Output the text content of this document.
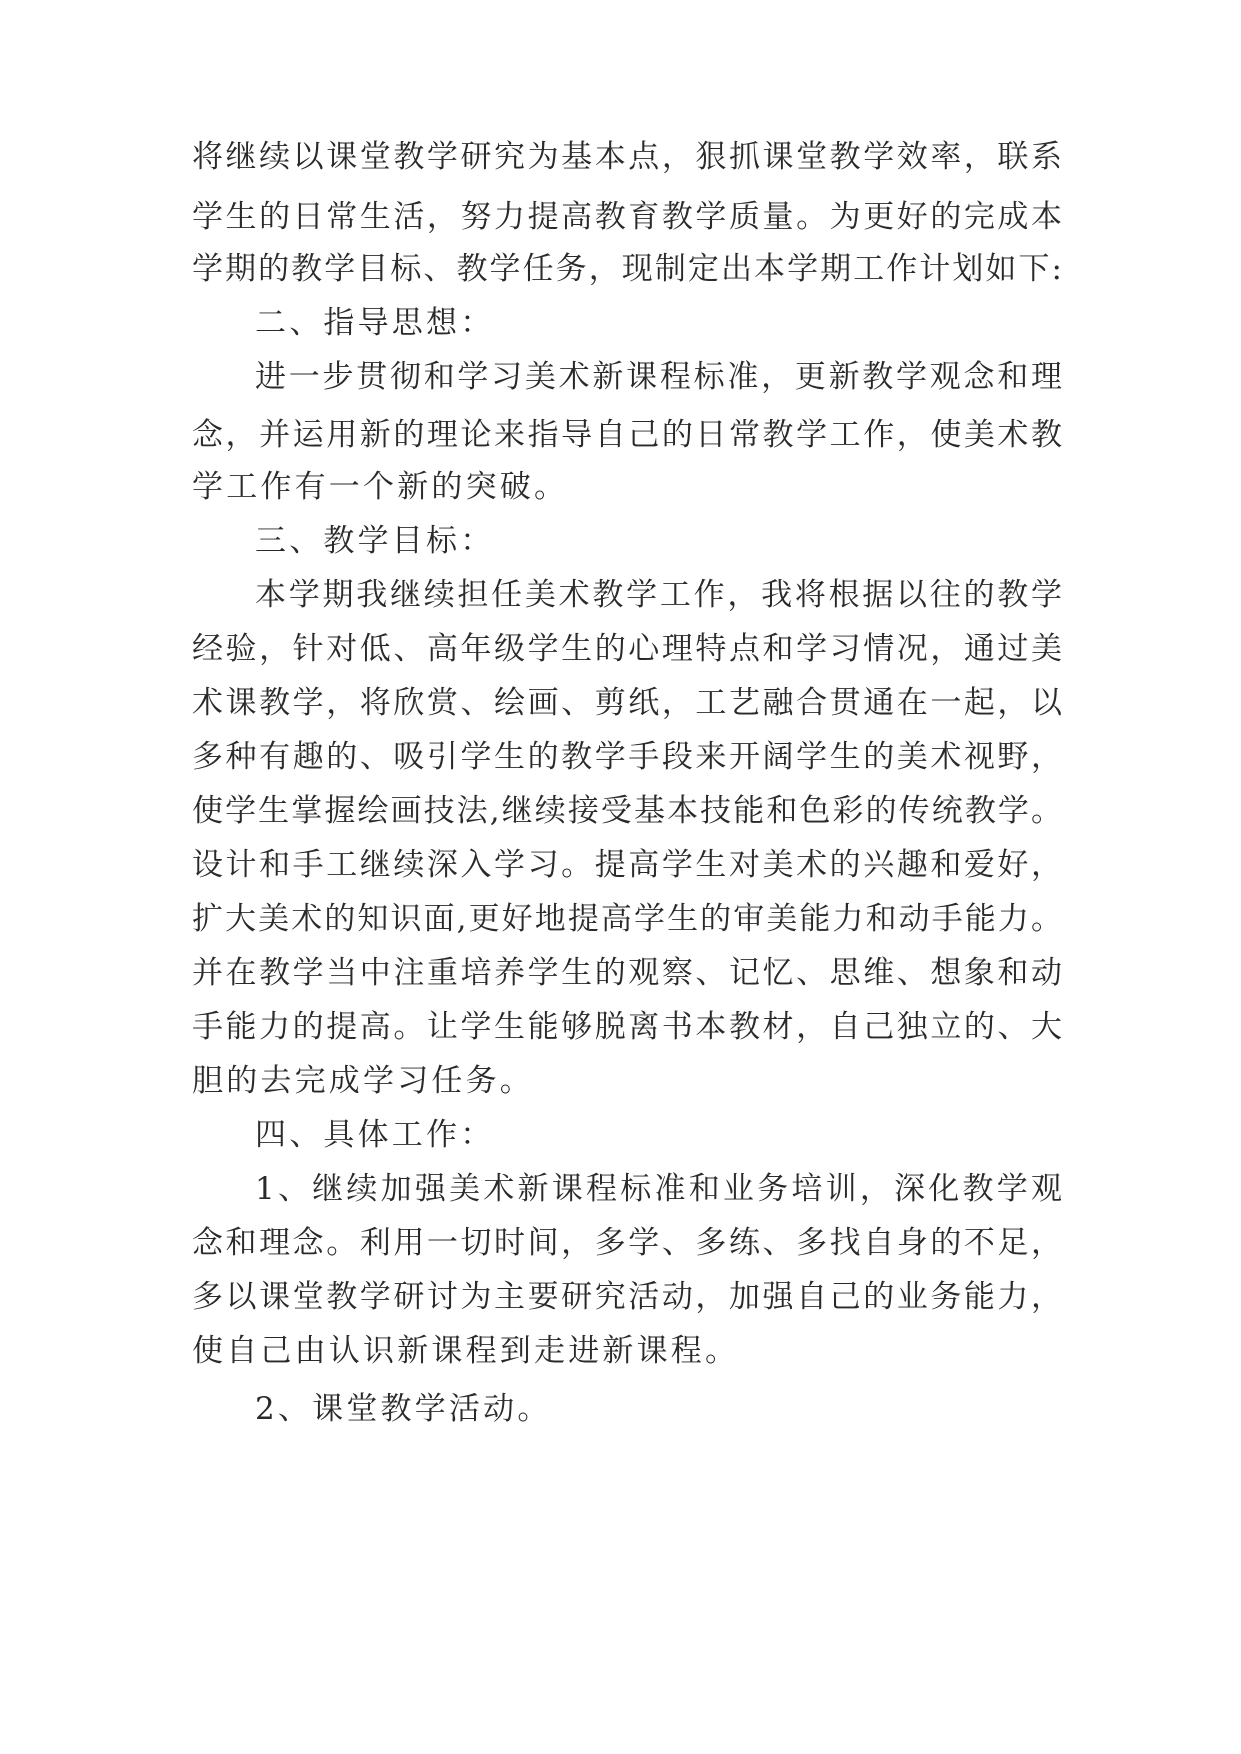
将继续以课堂教学研究为基本点，狠抓课堂教学效率，联系
学生的日常生活，努力提高教育教学质量。为更好的完成本
学期的教学目标、教学任务，现制定出本学期工作计划如下:
二、指导思想：
进一步贯彻和学习美术新课程标准，更新教学观念和理
念，并运用新的理论来指导自己的日常教学工作，使美术教
学工作有一个新的突破。
三、教学目标：
本学期我继续担任美术教学工作，我将根据以往的教学
经验，针对低、高年级学生的心理特点和学习情况，通过美
术课教学，将欣赏、绘画、剪纸，工艺融合贯通在一起，以
多种有趣的、吸引学生的教学手段来开阔学生的美术视野，
使学生掌握绘画技法,继续接受基本技能和色彩的传统教学。
设计和手工继续深入学习。提高学生对美术的兴趣和爱好，
扩大美术的知识面,更好地提高学生的审美能力和动手能力。
并在教学当中注重培养学生的观察、记忆、思维、想象和动
手能力的提高。让学生能够脱离书本教材，自己独立的、大
胆的去完成学习任务。
四、具体工作：
1、继续加强美术新课程标准和业务培训，深化教学观
念和理念。利用一切时间，多学、多练、多找自身的不足，
多以课堂教学研讨为主要研究活动，加强自己的业务能力，
使自己由认识新课程到走进新课程。
2、课堂教学活动。
